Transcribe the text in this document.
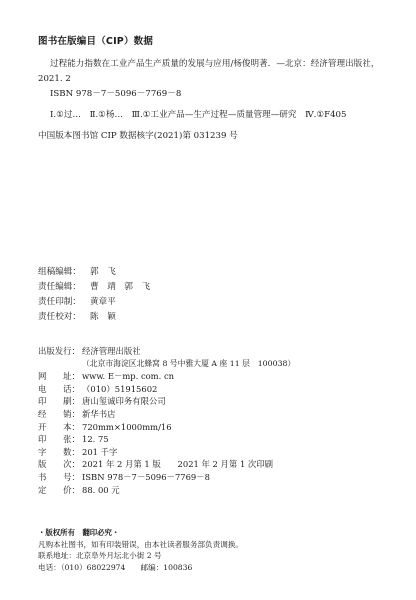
图书在版编目（CIP）数据
过程能力指数在工业产品生产质量的发展与应用/杨俊明著．—北京：经济管理出版社，
2021. 2
ISBN 978－7－5096－7769－8
Ⅰ.①过…　Ⅱ.①杨…　Ⅲ.①工业产品—生产过程—质量管理—研究　Ⅳ.①F405
中国版本图书馆 CIP 数据核字(2021)第 031239 号
组稿编辑：	郭　飞
责任编辑：	曹　靖　郭　飞
责任印制：	黄章平
责任校对：	陈　颖
出版发行： 经济管理出版社
（北京市海淀区北蜂窝 8 号中雅大厦 A 座 11 层　100038）
网　　址： www. E－mp. com. cn
电　　话： （010）51915602
印　　刷： 唐山玺诚印务有限公司
经　　销： 新华书店
开　　本： 720mm×1000mm/16
印　　张： 12. 75
字　　数： 201 千字
版　　次： 2021 年 2 月第 1 版　　2021 年 2 月第 1 次印刷
书　　号： ISBN 978－7－5096－7769－8
定　　价： 88. 00 元
・版权所有　翻印必究・
凡购本社图书，如有印装错误，由本社读者服务部负责调换。
联系地址：北京阜外月坛北小街 2 号
电话：（010）68022974　　邮编：100836
